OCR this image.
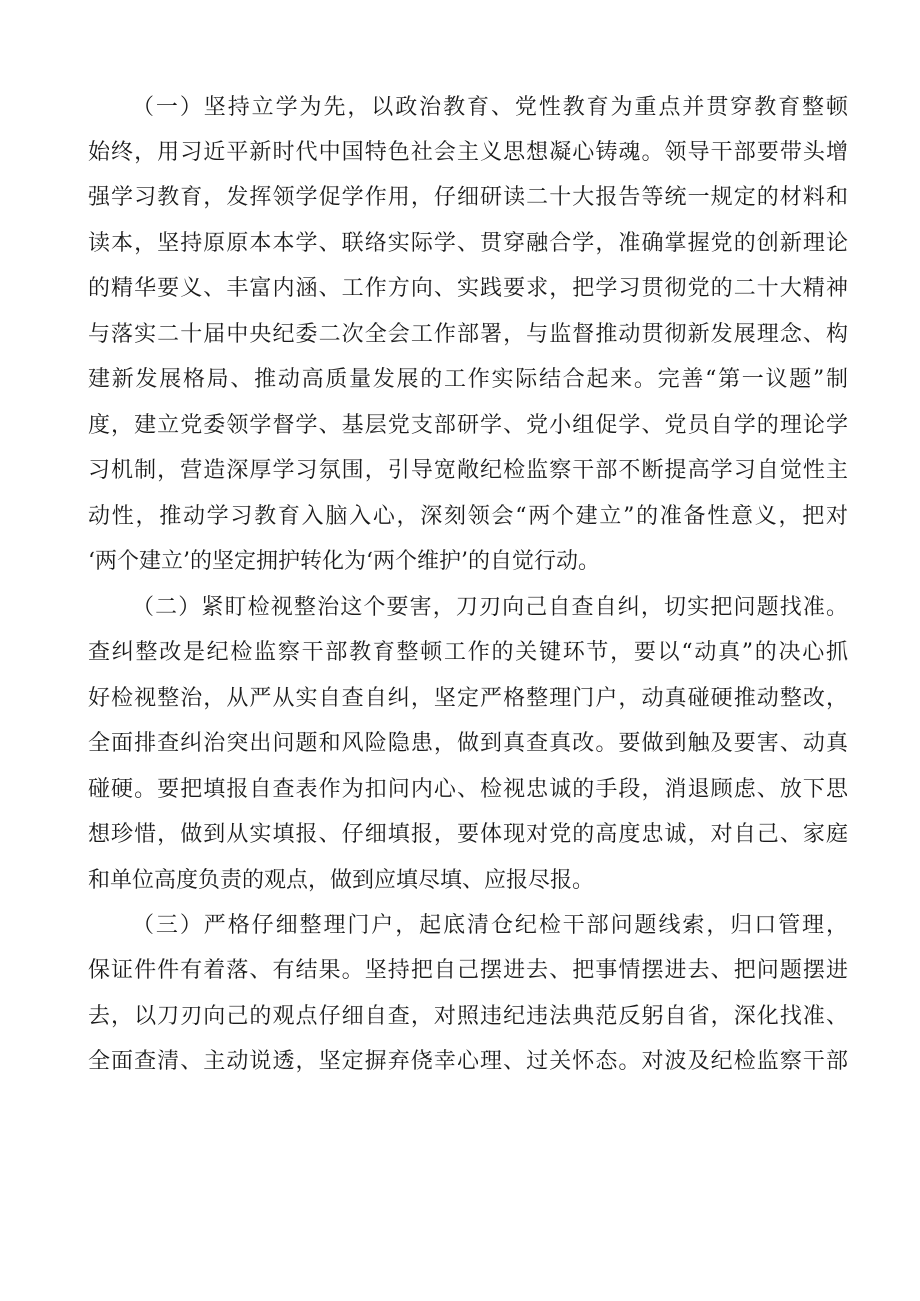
（一）坚持立学为先，以政治教育、党性教育为重点并贯穿教育整顿
始终，用习近平新时代中国特色社会主义思想凝心铸魂。领导干部要带头增
强学习教育，发挥领学促学作用，仔细研读二十大报告等统一规定的材料和
读本，坚持原原本本学、联络实际学、贯穿融合学，准确掌握党的创新理论
的精华要义、丰富内涵、工作方向、实践要求，把学习贯彻党的二十大精神
与落实二十届中央纪委二次全会工作部署，与监督推动贯彻新发展理念、构
建新发展格局、推动高质量发展的工作实际结合起来。完善“第一议题”制
度，建立党委领学督学、基层党支部研学、党小组促学、党员自学的理论学
习机制，营造深厚学习氛围，引导宽敞纪检监察干部不断提高学习自觉性主
动性，推动学习教育入脑入心，深刻领会“两个建立”的准备性意义，把对
‘两个建立’的坚定拥护转化为‘两个维护’的自觉行动。
（二）紧盯检视整治这个要害，刀刃向己自查自纠，切实把问题找准。
查纠整改是纪检监察干部教育整顿工作的关键环节，要以“动真”的决心抓
好检视整治，从严从实自查自纠，坚定严格整理门户，动真碰硬推动整改，
全面排查纠治突出问题和风险隐患，做到真查真改。要做到触及要害、动真
碰硬。要把填报自查表作为扣问内心、检视忠诚的手段，消退顾虑、放下思
想珍惜，做到从实填报、仔细填报，要体现对党的高度忠诚，对自己、家庭
和单位高度负责的观点，做到应填尽填、应报尽报。
（三）严格仔细整理门户，起底清仓纪检干部问题线索，归口管理，
保证件件有着落、有结果。坚持把自己摆进去、把事情摆进去、把问题摆进
去，以刀刃向己的观点仔细自查，对照违纪违法典范反躬自省，深化找准、
全面查清、主动说透，坚定摒弃侥幸心理、过关怀态。对波及纪检监察干部
